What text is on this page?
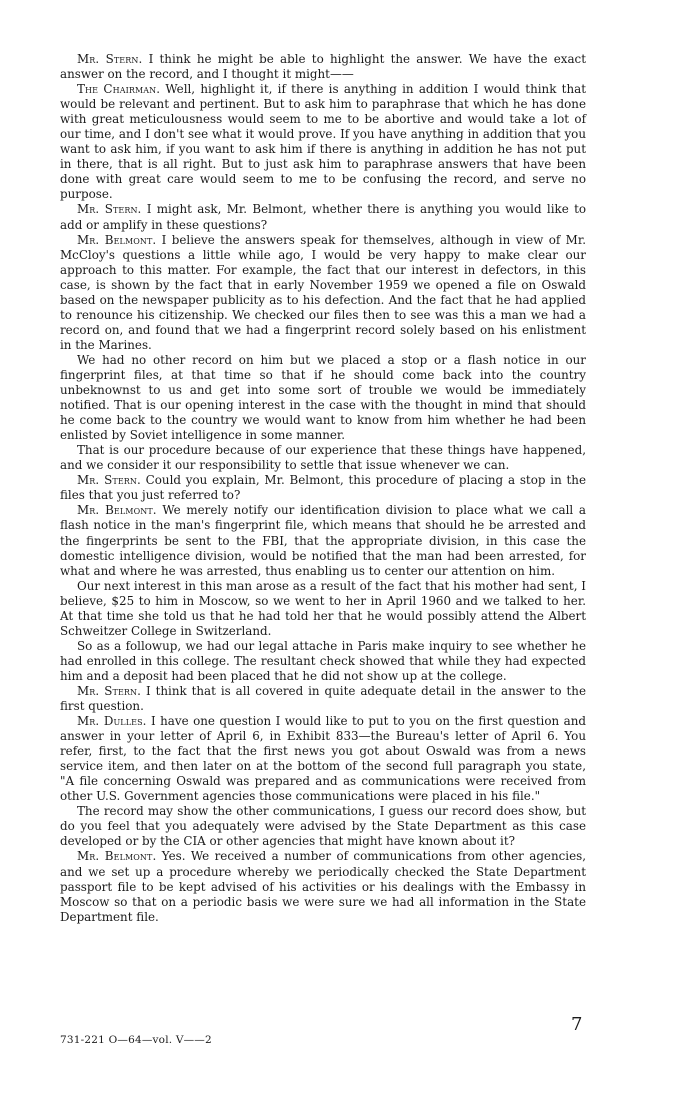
Mr. Stern. I think he might be able to highlight the answer. We have the exact answer on the record, and I thought it might——

The Chairman. Well, highlight it, if there is anything in addition I would think that would be relevant and pertinent. But to ask him to paraphrase that which he has done with great meticulousness would seem to me to be abortive and would take a lot of our time, and I don't see what it would prove. If you have anything in addition that you want to ask him, if you want to ask him if there is anything in addition he has not put in there, that is all right. But to just ask him to paraphrase answers that have been done with great care would seem to me to be confusing the record, and serve no purpose.

Mr. Stern. I might ask, Mr. Belmont, whether there is anything you would like to add or amplify in these questions?

Mr. Belmont. I believe the answers speak for themselves, although in view of Mr. McCloy's questions a little while ago, I would be very happy to make clear our approach to this matter. For example, the fact that our interest in defectors, in this case, is shown by the fact that in early November 1959 we opened a file on Oswald based on the newspaper publicity as to his defection. And the fact that he had applied to renounce his citizenship. We checked our files then to see was this a man we had a record on, and found that we had a fingerprint record solely based on his enlistment in the Marines.

We had no other record on him but we placed a stop or a flash notice in our fingerprint files, at that time so that if he should come back into the country unbeknownst to us and get into some sort of trouble we would be immediately notified. That is our opening interest in the case with the thought in mind that should he come back to the country we would want to know from him whether he had been enlisted by Soviet intelligence in some manner.

That is our procedure because of our experience that these things have happened, and we consider it our responsibility to settle that issue whenever we can.

Mr. Stern. Could you explain, Mr. Belmont, this procedure of placing a stop in the files that you just referred to?

Mr. Belmont. We merely notify our identification division to place what we call a flash notice in the man's fingerprint file, which means that should he be arrested and the fingerprints be sent to the FBI, that the appropriate division, in this case the domestic intelligence division, would be notified that the man had been arrested, for what and where he was arrested, thus enabling us to center our attention on him.

Our next interest in this man arose as a result of the fact that his mother had sent, I believe, $25 to him in Moscow, so we went to her in April 1960 and we talked to her. At that time she told us that he had told her that he would possibly attend the Albert Schweitzer College in Switzerland.

So as a followup, we had our legal attache in Paris make inquiry to see whether he had enrolled in this college. The resultant check showed that while they had expected him and a deposit had been placed that he did not show up at the college.

Mr. Stern. I think that is all covered in quite adequate detail in the answer to the first question.

Mr. Dulles. I have one question I would like to put to you on the first question and answer in your letter of April 6, in Exhibit 833—the Bureau's letter of April 6. You refer, first, to the fact that the first news you got about Oswald was from a news service item, and then later on at the bottom of the second full paragraph you state, "A file concerning Oswald was prepared and as communications were received from other U.S. Government agencies those communications were placed in his file."

The record may show the other communications, I guess our record does show, but do you feel that you adequately were advised by the State Department as this case developed or by the CIA or other agencies that might have known about it?

Mr. Belmont. Yes. We received a number of communications from other agencies, and we set up a procedure whereby we periodically checked the State Department passport file to be kept advised of his activities or his dealings with the Embassy in Moscow so that on a periodic basis we were sure we had all information in the State Department file.

7
731-221 O—64—vol. V——2
